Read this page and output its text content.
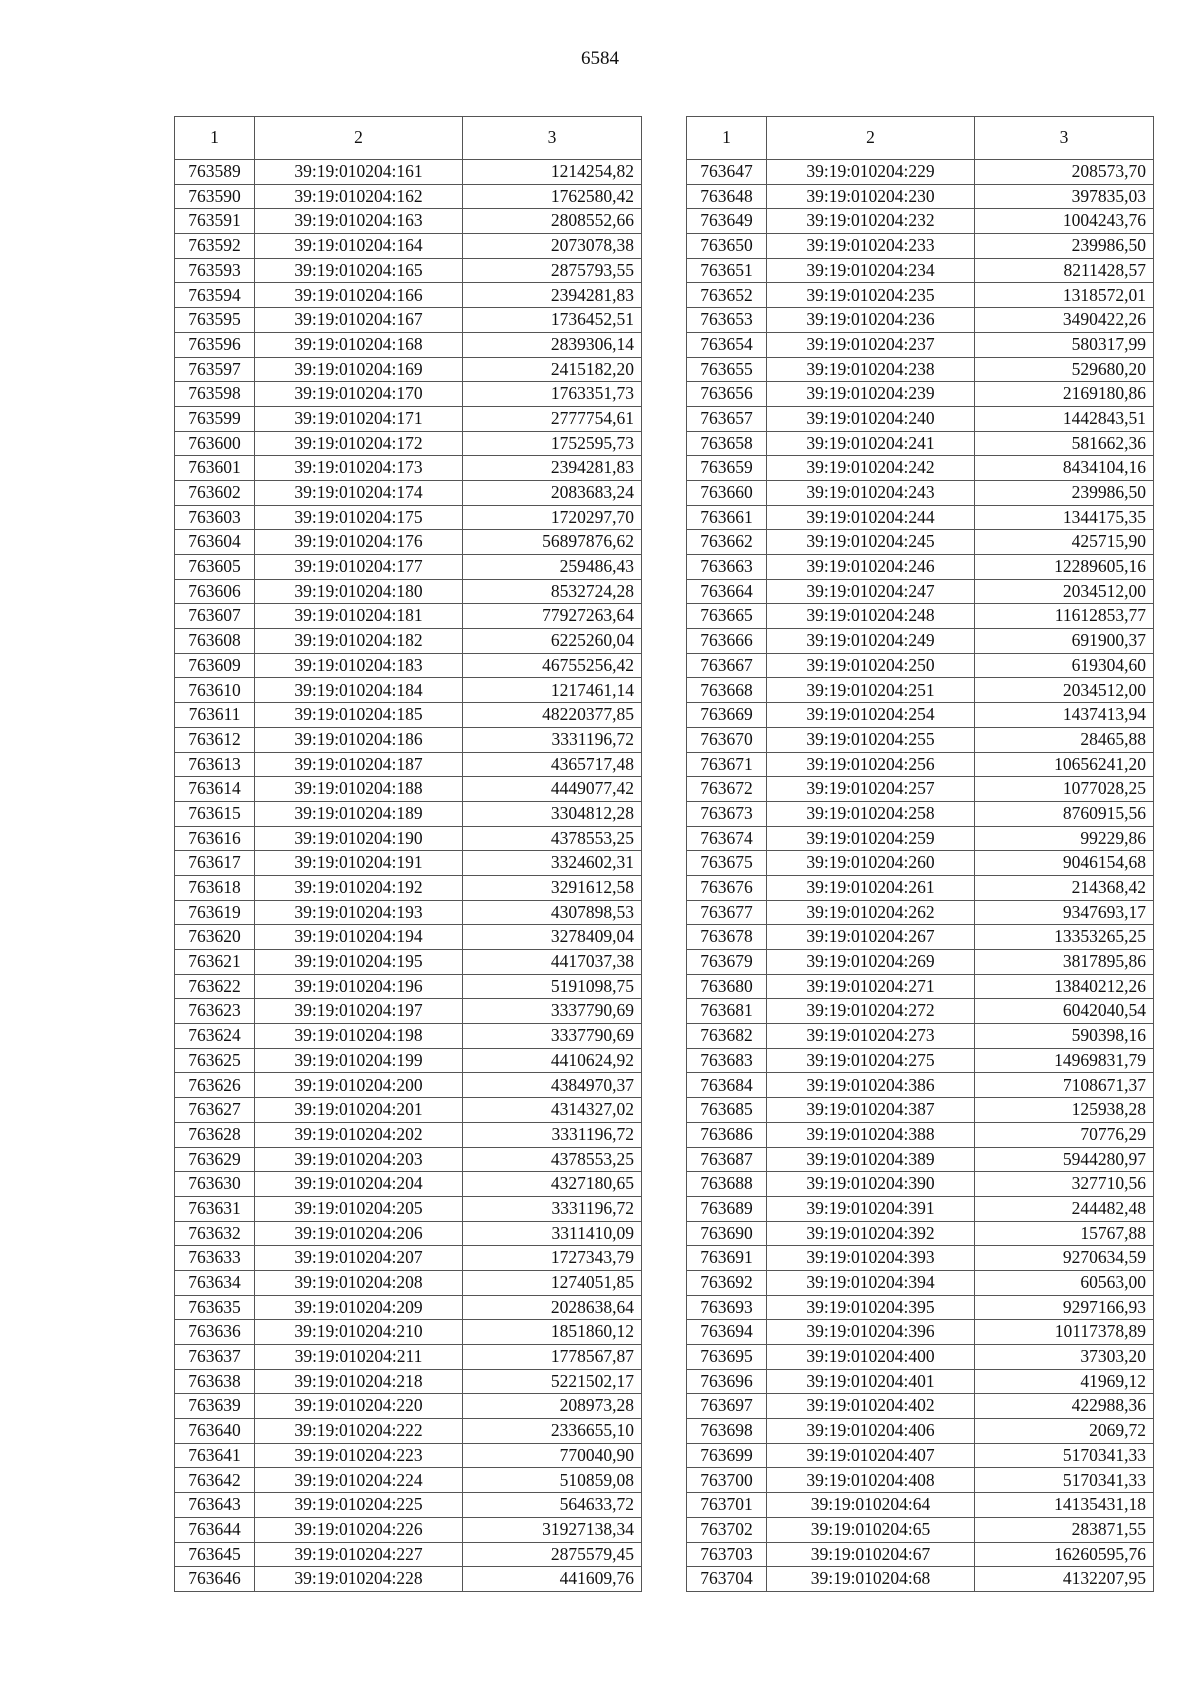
6584
1	2	3
763589	39:19:010204:161	1214254,82
763590	39:19:010204:162	1762580,42
763591	39:19:010204:163	2808552,66
763592	39:19:010204:164	2073078,38
763593	39:19:010204:165	2875793,55
763594	39:19:010204:166	2394281,83
763595	39:19:010204:167	1736452,51
763596	39:19:010204:168	2839306,14
763597	39:19:010204:169	2415182,20
763598	39:19:010204:170	1763351,73
763599	39:19:010204:171	2777754,61
763600	39:19:010204:172	1752595,73
763601	39:19:010204:173	2394281,83
763602	39:19:010204:174	2083683,24
763603	39:19:010204:175	1720297,70
763604	39:19:010204:176	56897876,62
763605	39:19:010204:177	259486,43
763606	39:19:010204:180	8532724,28
763607	39:19:010204:181	77927263,64
763608	39:19:010204:182	6225260,04
763609	39:19:010204:183	46755256,42
763610	39:19:010204:184	1217461,14
763611	39:19:010204:185	48220377,85
763612	39:19:010204:186	3331196,72
763613	39:19:010204:187	4365717,48
763614	39:19:010204:188	4449077,42
763615	39:19:010204:189	3304812,28
763616	39:19:010204:190	4378553,25
763617	39:19:010204:191	3324602,31
763618	39:19:010204:192	3291612,58
763619	39:19:010204:193	4307898,53
763620	39:19:010204:194	3278409,04
763621	39:19:010204:195	4417037,38
763622	39:19:010204:196	5191098,75
763623	39:19:010204:197	3337790,69
763624	39:19:010204:198	3337790,69
763625	39:19:010204:199	4410624,92
763626	39:19:010204:200	4384970,37
763627	39:19:010204:201	4314327,02
763628	39:19:010204:202	3331196,72
763629	39:19:010204:203	4378553,25
763630	39:19:010204:204	4327180,65
763631	39:19:010204:205	3331196,72
763632	39:19:010204:206	3311410,09
763633	39:19:010204:207	1727343,79
763634	39:19:010204:208	1274051,85
763635	39:19:010204:209	2028638,64
763636	39:19:010204:210	1851860,12
763637	39:19:010204:211	1778567,87
763638	39:19:010204:218	5221502,17
763639	39:19:010204:220	208973,28
763640	39:19:010204:222	2336655,10
763641	39:19:010204:223	770040,90
763642	39:19:010204:224	510859,08
763643	39:19:010204:225	564633,72
763644	39:19:010204:226	31927138,34
763645	39:19:010204:227	2875579,45
763646	39:19:010204:228	441609,76
1	2	3
763647	39:19:010204:229	208573,70
763648	39:19:010204:230	397835,03
763649	39:19:010204:232	1004243,76
763650	39:19:010204:233	239986,50
763651	39:19:010204:234	8211428,57
763652	39:19:010204:235	1318572,01
763653	39:19:010204:236	3490422,26
763654	39:19:010204:237	580317,99
763655	39:19:010204:238	529680,20
763656	39:19:010204:239	2169180,86
763657	39:19:010204:240	1442843,51
763658	39:19:010204:241	581662,36
763659	39:19:010204:242	8434104,16
763660	39:19:010204:243	239986,50
763661	39:19:010204:244	1344175,35
763662	39:19:010204:245	425715,90
763663	39:19:010204:246	12289605,16
763664	39:19:010204:247	2034512,00
763665	39:19:010204:248	11612853,77
763666	39:19:010204:249	691900,37
763667	39:19:010204:250	619304,60
763668	39:19:010204:251	2034512,00
763669	39:19:010204:254	1437413,94
763670	39:19:010204:255	28465,88
763671	39:19:010204:256	10656241,20
763672	39:19:010204:257	1077028,25
763673	39:19:010204:258	8760915,56
763674	39:19:010204:259	99229,86
763675	39:19:010204:260	9046154,68
763676	39:19:010204:261	214368,42
763677	39:19:010204:262	9347693,17
763678	39:19:010204:267	13353265,25
763679	39:19:010204:269	3817895,86
763680	39:19:010204:271	13840212,26
763681	39:19:010204:272	6042040,54
763682	39:19:010204:273	590398,16
763683	39:19:010204:275	14969831,79
763684	39:19:010204:386	7108671,37
763685	39:19:010204:387	125938,28
763686	39:19:010204:388	70776,29
763687	39:19:010204:389	5944280,97
763688	39:19:010204:390	327710,56
763689	39:19:010204:391	244482,48
763690	39:19:010204:392	15767,88
763691	39:19:010204:393	9270634,59
763692	39:19:010204:394	60563,00
763693	39:19:010204:395	9297166,93
763694	39:19:010204:396	10117378,89
763695	39:19:010204:400	37303,20
763696	39:19:010204:401	41969,12
763697	39:19:010204:402	422988,36
763698	39:19:010204:406	2069,72
763699	39:19:010204:407	5170341,33
763700	39:19:010204:408	5170341,33
763701	39:19:010204:64	14135431,18
763702	39:19:010204:65	283871,55
763703	39:19:010204:67	16260595,76
763704	39:19:010204:68	4132207,95
